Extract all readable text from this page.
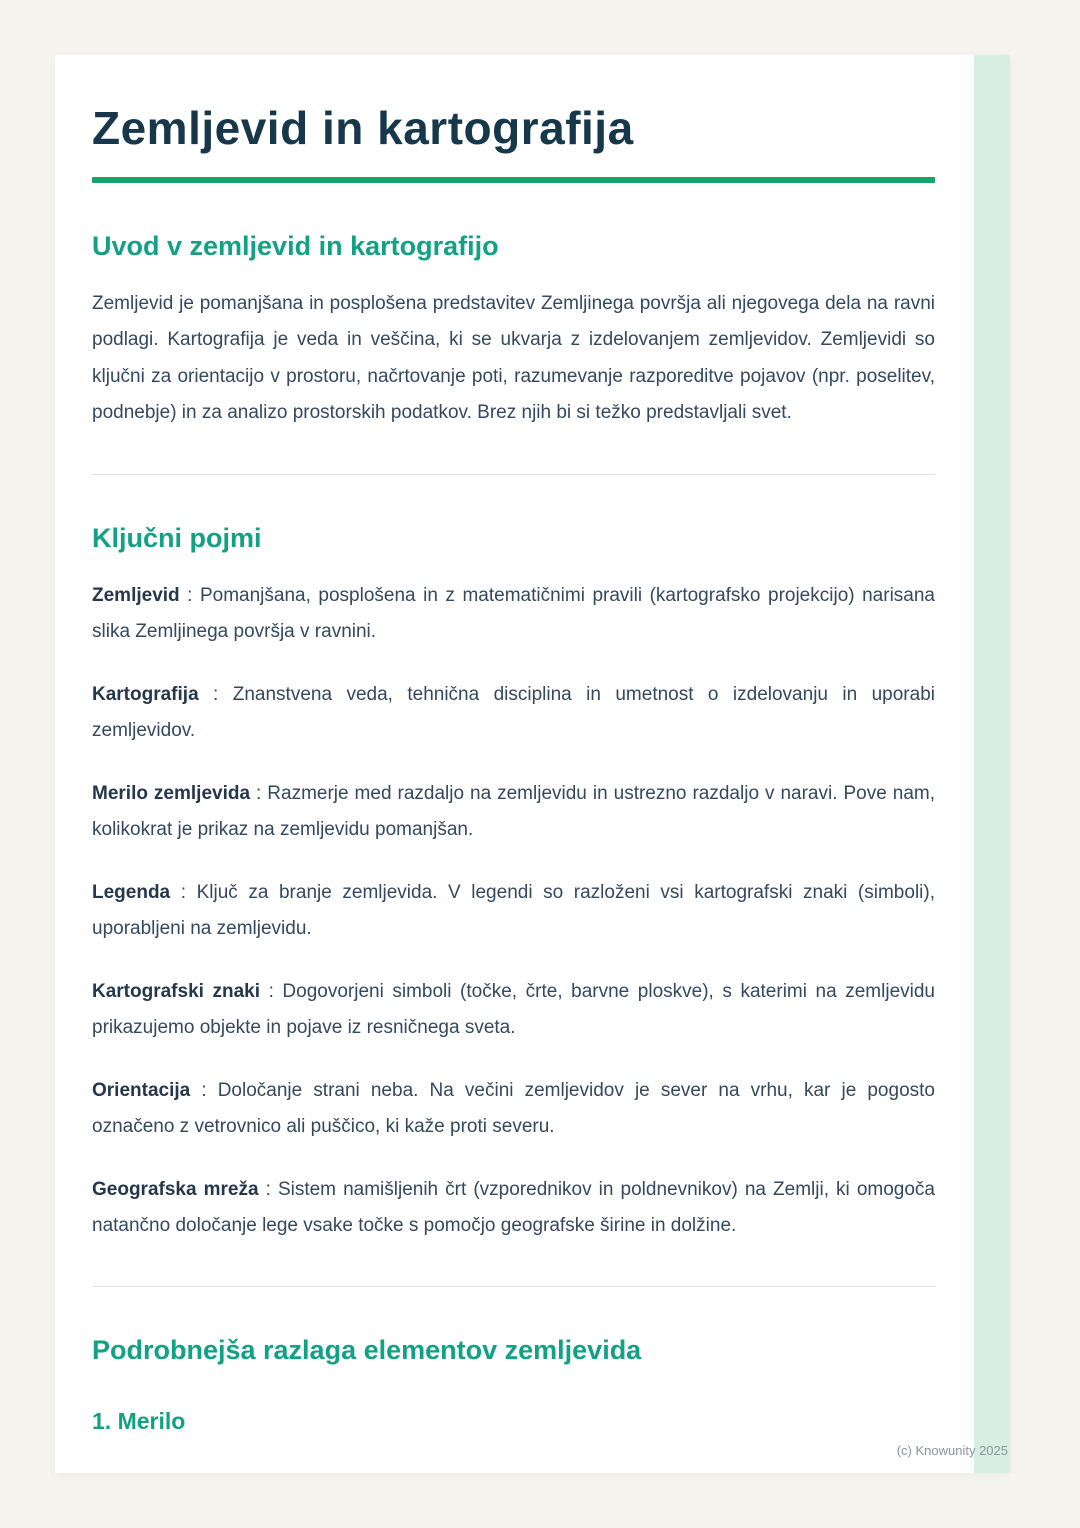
Zemljevid in kartografija
Uvod v zemljevid in kartografijo

Zemljevid je pomanjšana in posplošena predstavitev Zemljinega površja ali njegovega dela na ravni podlagi. Kartografija je veda in veščina, ki se ukvarja z izdelovanjem zemljevidov. Zemljevidi so ključni za orientacijo v prostoru, načrtovanje poti, razumevanje razporeditve pojavov (npr. poselitev, podnebje) in za analizo prostorskih podatkov. Brez njih bi si težko predstavljali svet.

Ključni pojmi

Zemljevid : Pomanjšana, posplošena in z matematičnimi pravili (kartografsko projekcijo) narisana slika Zemljinega površja v ravnini.

Kartografija : Znanstvena veda, tehnična disciplina in umetnost o izdelovanju in uporabi zemljevidov.

Merilo zemljevida : Razmerje med razdaljo na zemljevidu in ustrezno razdaljo v naravi. Pove nam, kolikokrat je prikaz na zemljevidu pomanjšan.

Legenda : Ključ za branje zemljevida. V legendi so razloženi vsi kartografski znaki (simboli), uporabljeni na zemljevidu.

Kartografski znaki : Dogovorjeni simboli (točke, črte, barvne ploskve), s katerimi na zemljevidu prikazujemo objekte in pojave iz resničnega sveta.

Orientacija : Določanje strani neba. Na večini zemljevidov je sever na vrhu, kar je pogosto označeno z vetrovnico ali puščico, ki kaže proti severu.

Geografska mreža : Sistem namišljenih črt (vzporednikov in poldnevnikov) na Zemlji, ki omogoča natančno določanje lege vsake točke s pomočjo geografske širine in dolžine.

Podrobnejša razlaga elementov zemljevida
1. Merilo
(c) Knowunity 2025
